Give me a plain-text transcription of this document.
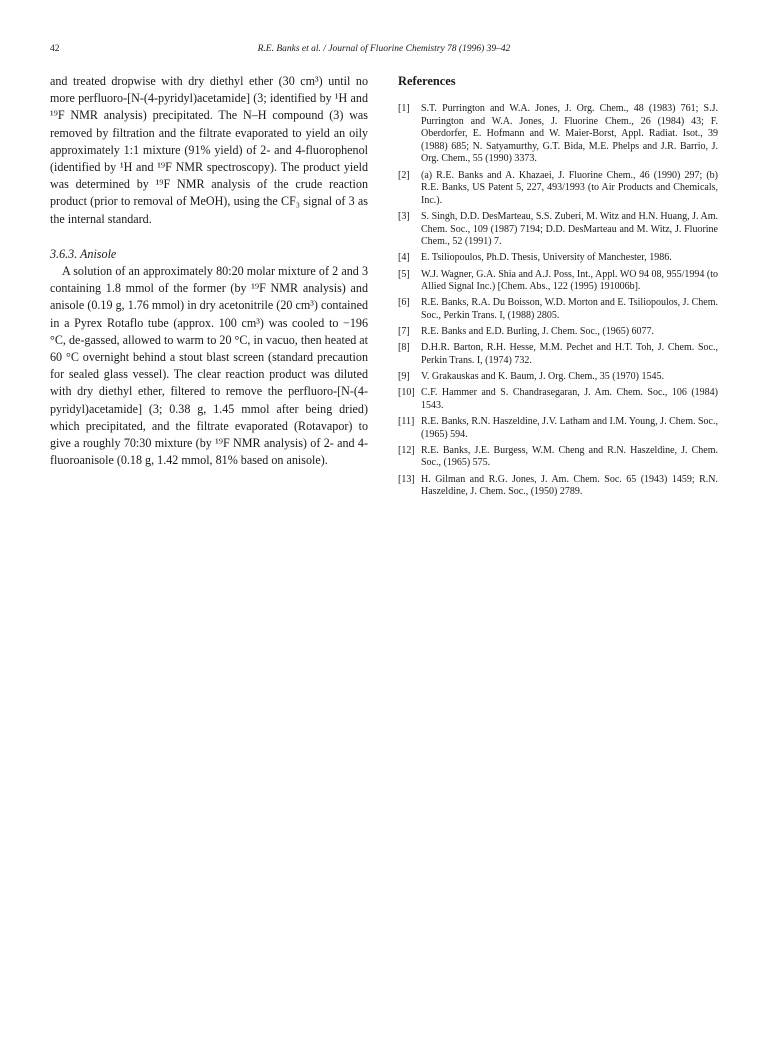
42	R.E. Banks et al. / Journal of Fluorine Chemistry 78 (1996) 39–42

and treated dropwise with dry diethyl ether (30 cm³) until no more perfluoro-[N-(4-pyridyl)acetamide] (3; identified by ¹H and ¹⁹F NMR analysis) precipitated. The N–H compound (3) was removed by filtration and the filtrate evaporated to yield an oily approximately 1:1 mixture (91% yield) of 2- and 4-fluorophenol (identified by ¹H and ¹⁹F NMR spectroscopy). The product yield was determined by ¹⁹F NMR analysis of the crude reaction product (prior to removal of MeOH), using the CF₃ signal of 3 as the internal standard.

3.6.3. Anisole

A solution of an approximately 80:20 molar mixture of 2 and 3 containing 1.8 mmol of the former (by ¹⁹F NMR analysis) and anisole (0.19 g, 1.76 mmol) in dry acetonitrile (20 cm³) contained in a Pyrex Rotaflo tube (approx. 100 cm³) was cooled to −196 °C, de-gassed, allowed to warm to 20 °C, in vacuo, then heated at 60 °C overnight behind a stout blast screen (standard precaution for sealed glass vessel). The clear reaction product was diluted with dry diethyl ether, filtered to remove the perfluoro-[N-(4-pyridyl)acetamide] (3; 0.38 g, 1.45 mmol after being dried) which precipitated, and the filtrate evaporated (Rotavapor) to give a roughly 70:30 mixture (by ¹⁹F NMR analysis) of 2- and 4-fluoroanisole (0.18 g, 1.42 mmol, 81% based on anisole).

References
[1] S.T. Purrington and W.A. Jones, J. Org. Chem., 48 (1983) 761; S.J. Purrington and W.A. Jones, J. Fluorine Chem., 26 (1984) 43; F. Oberdorfer, E. Hofmann and W. Maier-Borst, Appl. Radiat. Isot., 39 (1988) 685; N. Satyamurthy, G.T. Bida, M.E. Phelps and J.R. Barrio, J. Org. Chem., 55 (1990) 3373.
[2] (a) R.E. Banks and A. Khazaei, J. Fluorine Chem., 46 (1990) 297; (b) R.E. Banks, US Patent 5, 227, 493/1993 (to Air Products and Chemicals, Inc.).
[3] S. Singh, D.D. DesMarteau, S.S. Zuberi, M. Witz and H.N. Huang, J. Am. Chem. Soc., 109 (1987) 7194; D.D. DesMarteau and M. Witz, J. Fluorine Chem., 52 (1991) 7.
[4] E. Tsiliopoulos, Ph.D. Thesis, University of Manchester, 1986.
[5] W.J. Wagner, G.A. Shia and A.J. Poss, Int., Appl. WO 94 08, 955/1994 (to Allied Signal Inc.) [Chem. Abs., 122 (1995) 191006b].
[6] R.E. Banks, R.A. Du Boisson, W.D. Morton and E. Tsiliopoulos, J. Chem. Soc., Perkin Trans. I, (1988) 2805.
[7] R.E. Banks and E.D. Burling, J. Chem. Soc., (1965) 6077.
[8] D.H.R. Barton, R.H. Hesse, M.M. Pechet and H.T. Toh, J. Chem. Soc., Perkin Trans. I, (1974) 732.
[9] V. Grakauskas and K. Baum, J. Org. Chem., 35 (1970) 1545.
[10] C.F. Hammer and S. Chandrasegaran, J. Am. Chem. Soc., 106 (1984) 1543.
[11] R.E. Banks, R.N. Haszeldine, J.V. Latham and I.M. Young, J. Chem. Soc., (1965) 594.
[12] R.E. Banks, J.E. Burgess, W.M. Cheng and R.N. Haszeldine, J. Chem. Soc., (1965) 575.
[13] H. Gilman and R.G. Jones, J. Am. Chem. Soc. 65 (1943) 1459; R.N. Haszeldine, J. Chem. Soc., (1950) 2789.
